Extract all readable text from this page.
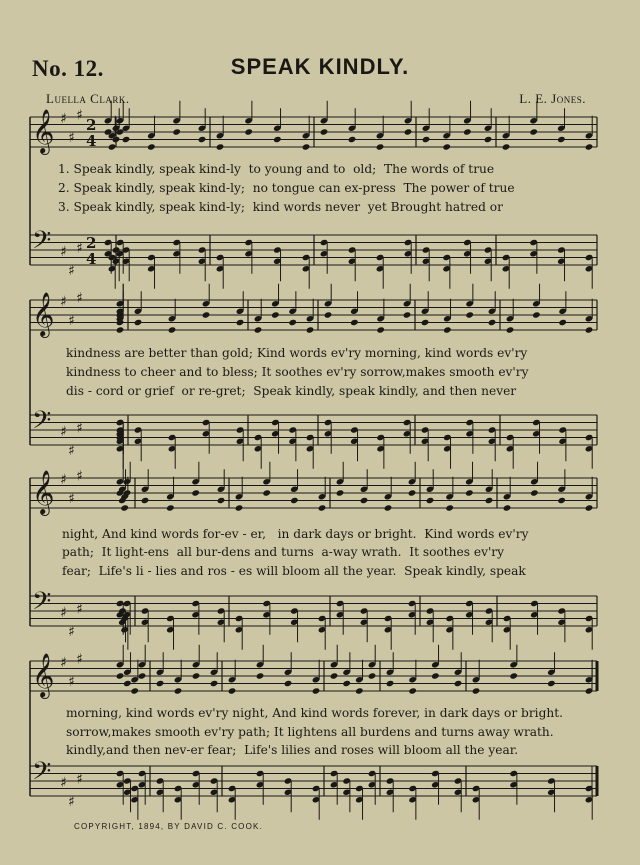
No. 12.	SPEAK KINDLY.
Luella Clark.	L. E. Jones.
𝄞 ♯
♯
♯
2
4
𝄢 ♯
♯
♯ 2
4
𝄞 ♯
♯
♯
𝄢 ♯
♯
♯
𝄞 ♯
♯
♯
𝄢 ♯
♯
♯
𝄞 ♯
♯
♯
𝄢 ♯
♯
♯
1. Speak kindly, speak kind-ly  to young and to  old;  The words of true
2. Speak kindly, speak kind-ly;  no tongue can ex-press  The power of true
3. Speak kindly, speak kind-ly;  kind words never  yet Brought hatred or
kindness are better than gold; Kind words ev'ry morning, kind words ev'ry
kindness to cheer and to bless; It soothes ev'ry sorrow,makes smooth ev'ry
dis - cord or grief  or re-gret;  Speak kindly, speak kindly, and then never
night, And kind words for-ev - er,   in dark days or bright.  Kind words ev'ry
path;  It light-ens  all bur-dens and turns  a-way wrath.  It soothes ev'ry
fear;  Life's li - lies and ros - es will bloom all the year.  Speak kindly, speak
morning, kind words ev'ry night, And kind words forever, in dark days or bright.
sorrow,makes smooth ev'ry path; It lightens all burdens and turns away wrath.
kindly,and then nev-er fear;  Life's lilies and roses will bloom all the year.
COPYRIGHT, 1894, BY DAVID C. COOK.
